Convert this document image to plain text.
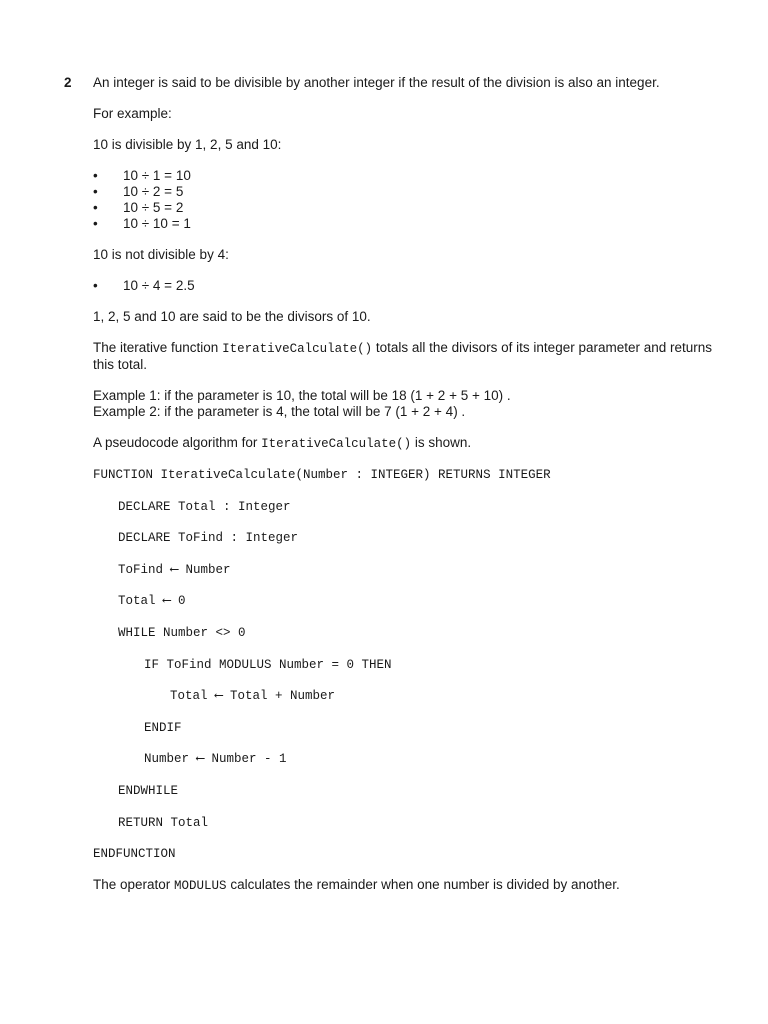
2 An integer is said to be divisible by another integer if the result of the division is also an integer.

For example:

10 is divisible by 1, 2, 5 and 10:

• 10 ÷ 1 = 10
• 10 ÷ 2 = 5
• 10 ÷ 5 = 2
• 10 ÷ 10 = 1

10 is not divisible by 4:

• 10 ÷ 4 = 2.5

1, 2, 5 and 10 are said to be the divisors of 10.

The iterative function IterativeCalculate() totals all the divisors of its integer parameter and returns this total.

Example 1: if the parameter is 10, the total will be 18 (1 + 2 + 5 + 10) .

Example 2: if the parameter is 4, the total will be 7 (1 + 2 + 4) .

A pseudocode algorithm for IterativeCalculate() is shown.

FUNCTION IterativeCalculate(Number : INTEGER) RETURNS INTEGER
DECLARE Total : Integer
DECLARE ToFind : Integer
ToFind ⟵ Number
Total ⟵ 0
WHILE Number <> 0
IF ToFind MODULUS Number = 0 THEN
Total ⟵ Total + Number
ENDIF
Number ⟵ Number - 1
ENDWHILE
RETURN Total
ENDFUNCTION

The operator MODULUS calculates the remainder when one number is divided by another.
